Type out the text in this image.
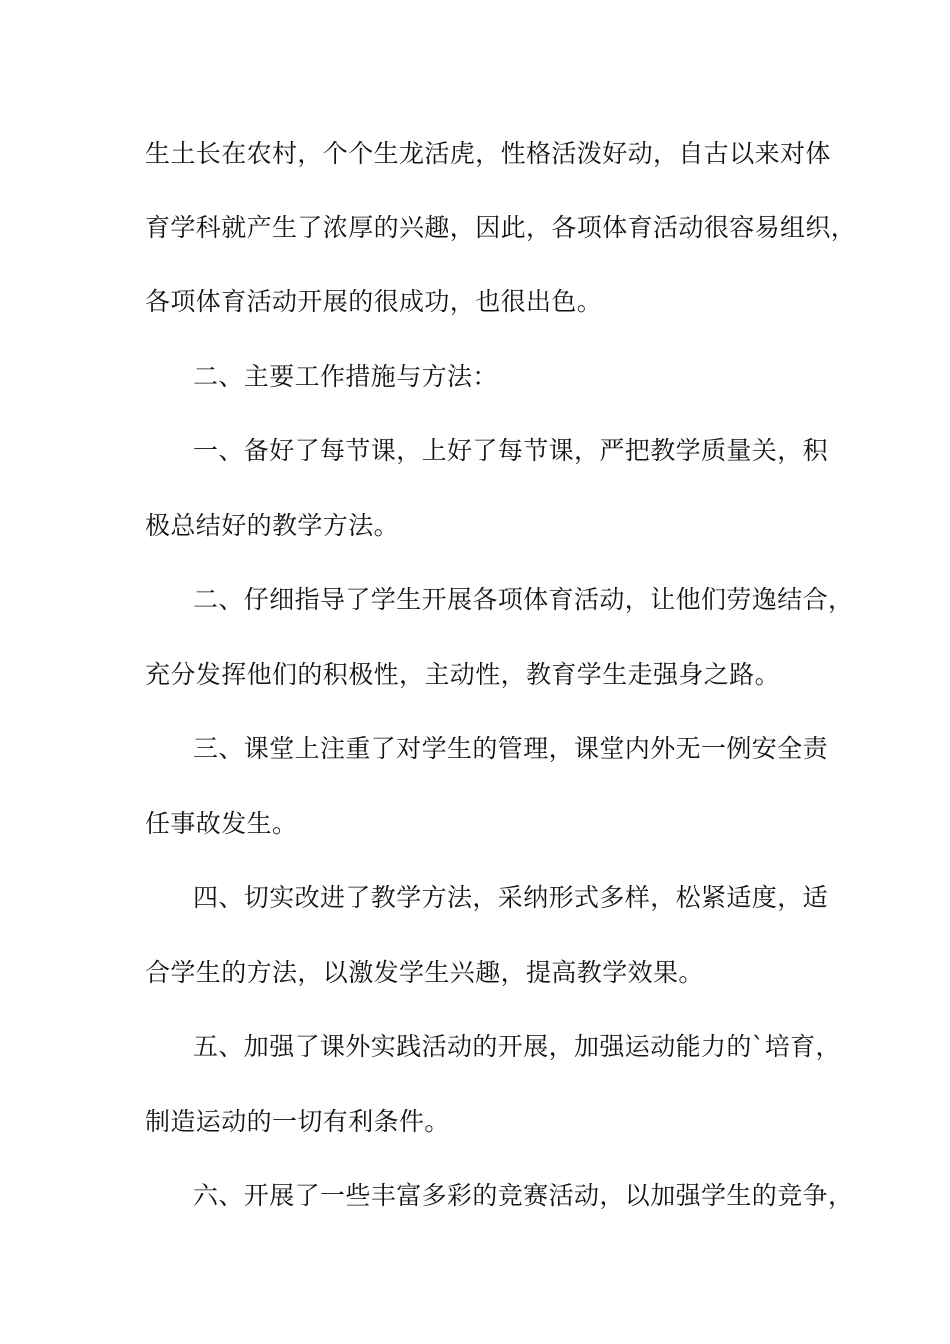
生土长在农村，个个生龙活虎，性格活泼好动，自古以来对体
育学科就产生了浓厚的兴趣，因此，各项体育活动很容易组织，
各项体育活动开展的很成功，也很出色。
二、主要工作措施与方法：
一、备好了每节课，上好了每节课，严把教学质量关，积
极总结好的教学方法。
二、仔细指导了学生开展各项体育活动，让他们劳逸结合，
充分发挥他们的积极性，主动性，教育学生走强身之路。
三、课堂上注重了对学生的管理，课堂内外无一例安全责
任事故发生。
四、切实改进了教学方法，采纳形式多样，松紧适度，适
合学生的方法，以激发学生兴趣，提高教学效果。
五、加强了课外实践活动的开展，加强运动能力的`培育，
制造运动的一切有利条件。
六、开展了一些丰富多彩的竞赛活动，以加强学生的竞争，
